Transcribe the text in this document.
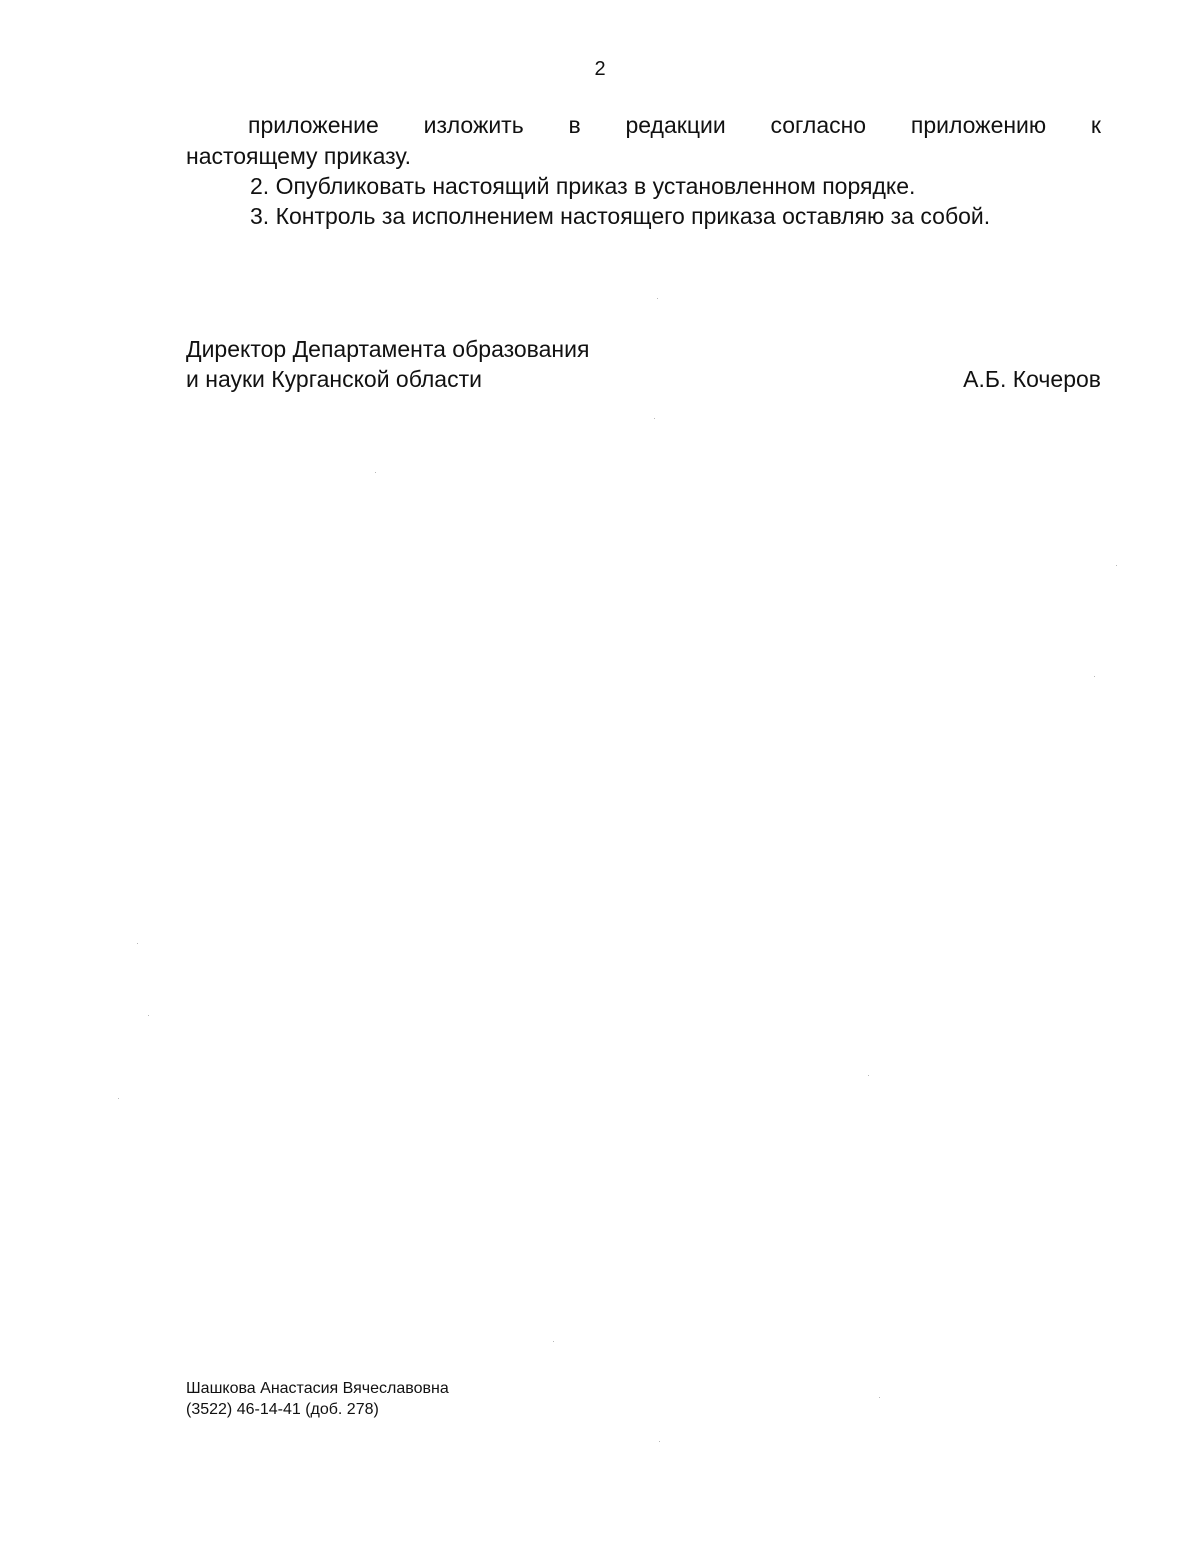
2
приложение изложить в редакции согласно приложению к
настоящему приказу.
2. Опубликовать настоящий приказ в установленном порядке.
3. Контроль за исполнением настоящего приказа оставляю за собой.
Директор Департамента образования
и науки Курганской области	А.Б. Кочеров
Шашкова Анастасия Вячеславовна
(3522) 46-14-41 (доб. 278)
